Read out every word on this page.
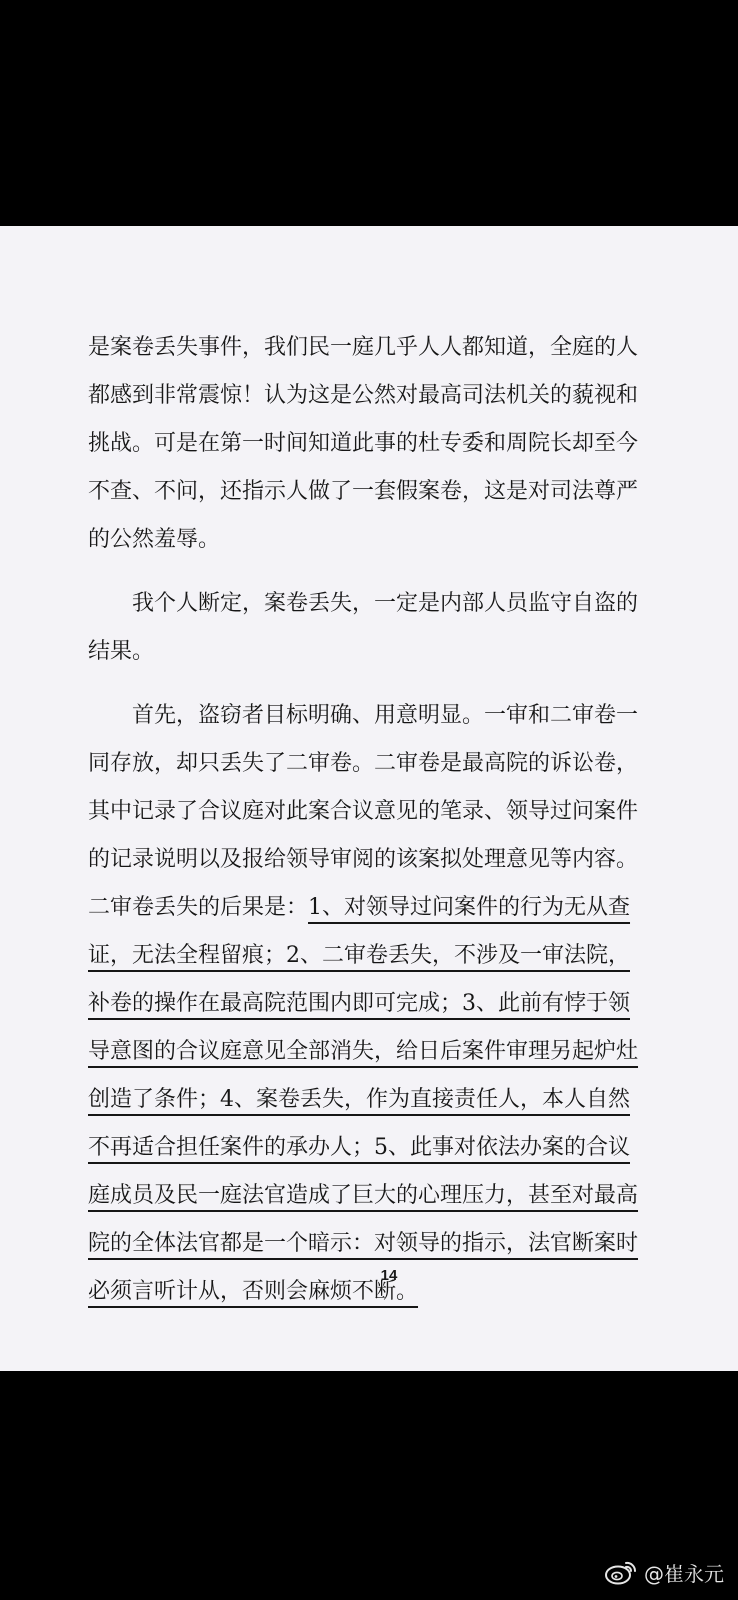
是案卷丢失事件，我们民一庭几乎人人都知道，全庭的人
都感到非常震惊！认为这是公然对最高司法机关的藐视和
挑战。可是在第一时间知道此事的杜专委和周院长却至今
不查、不问，还指示人做了一套假案卷，这是对司法尊严
的公然羞辱。
我个人断定，案卷丢失，一定是内部人员监守自盗的
结果。
首先，盗窃者目标明确、用意明显。一审和二审卷一
同存放，却只丢失了二审卷。二审卷是最高院的诉讼卷，
其中记录了合议庭对此案合议意见的笔录、领导过问案件
的记录说明以及报给领导审阅的该案拟处理意见等内容。
二审卷丢失的后果是：1、对领导过问案件的行为无从查
证，无法全程留痕；2、二审卷丢失，不涉及一审法院，
补卷的操作在最高院范围内即可完成；3、此前有悖于领
导意图的合议庭意见全部消失，给日后案件审理另起炉灶
创造了条件；4、案卷丢失，作为直接责任人，本人自然
不再适合担任案件的承办人；5、此事对依法办案的合议
庭成员及民一庭法官造成了巨大的心理压力，甚至对最高
院的全体法官都是一个暗示：对领导的指示，法官断案时
必须言听计从，否则会麻烦不断。
14
@崔永元
